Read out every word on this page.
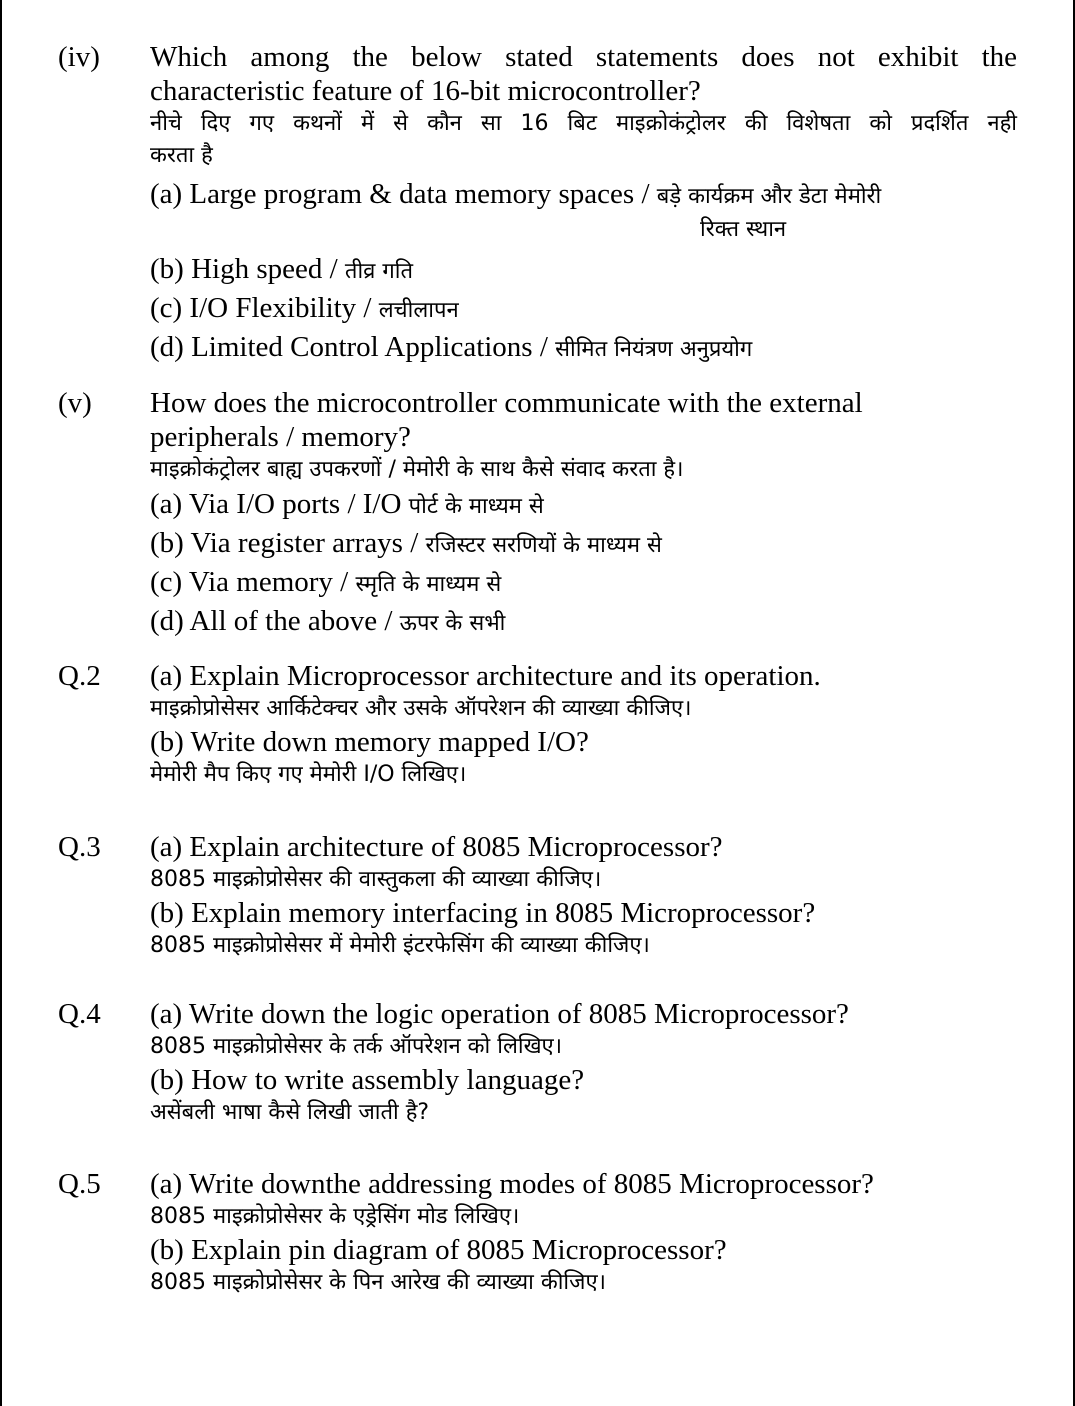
(iv) Which among the below stated statements does not exhibit the
characteristic feature of 16-bit microcontroller?
नीचे दिए गए कथनों में से कौन सा 16 बिट माइक्रोकंट्रोलर की विशेषता को प्रदर्शित नही
करता है
(a) Large program & data memory spaces / बड़े कार्यक्रम और डेटा मेमोरी
रिक्त स्थान
(b) High speed / तीव्र गति
(c) I/O Flexibility / लचीलापन
(d) Limited Control Applications / सीमित नियंत्रण अनुप्रयोग
(v) How does the microcontroller communicate with the external
peripherals / memory?
माइक्रोकंट्रोलर बाह्य उपकरणों / मेमोरी के साथ कैसे संवाद करता है।
(a) Via I/O ports / I/O पोर्ट के माध्यम से
(b) Via register arrays / रजिस्टर सरणियों के माध्यम से
(c) Via memory / स्मृति के माध्यम से
(d) All of the above / ऊपर के सभी
Q.2 (a) Explain Microprocessor architecture and its operation.
माइक्रोप्रोसेसर आर्किटेक्चर और उसके ऑपरेशन की व्याख्या कीजिए।
(b) Write down memory mapped I/O?
मेमोरी मैप किए गए मेमोरी I/O लिखिए।
Q.3 (a) Explain architecture of 8085 Microprocessor?
8085 माइक्रोप्रोसेसर की वास्तुकला की व्याख्या कीजिए।
(b) Explain memory interfacing in 8085 Microprocessor?
8085 माइक्रोप्रोसेसर में मेमोरी इंटरफेसिंग की व्याख्या कीजिए।
Q.4 (a) Write down the logic operation of 8085 Microprocessor?
8085 माइक्रोप्रोसेसर के तर्क ऑपरेशन को लिखिए।
(b) How to write assembly language?
असेंबली भाषा कैसे लिखी जाती है?
Q.5 (a) Write downthe addressing modes of 8085 Microprocessor?
8085 माइक्रोप्रोसेसर के एड्रेसिंग मोड लिखिए।
(b) Explain pin diagram of 8085 Microprocessor?
8085 माइक्रोप्रोसेसर के पिन आरेख की व्याख्या कीजिए।
